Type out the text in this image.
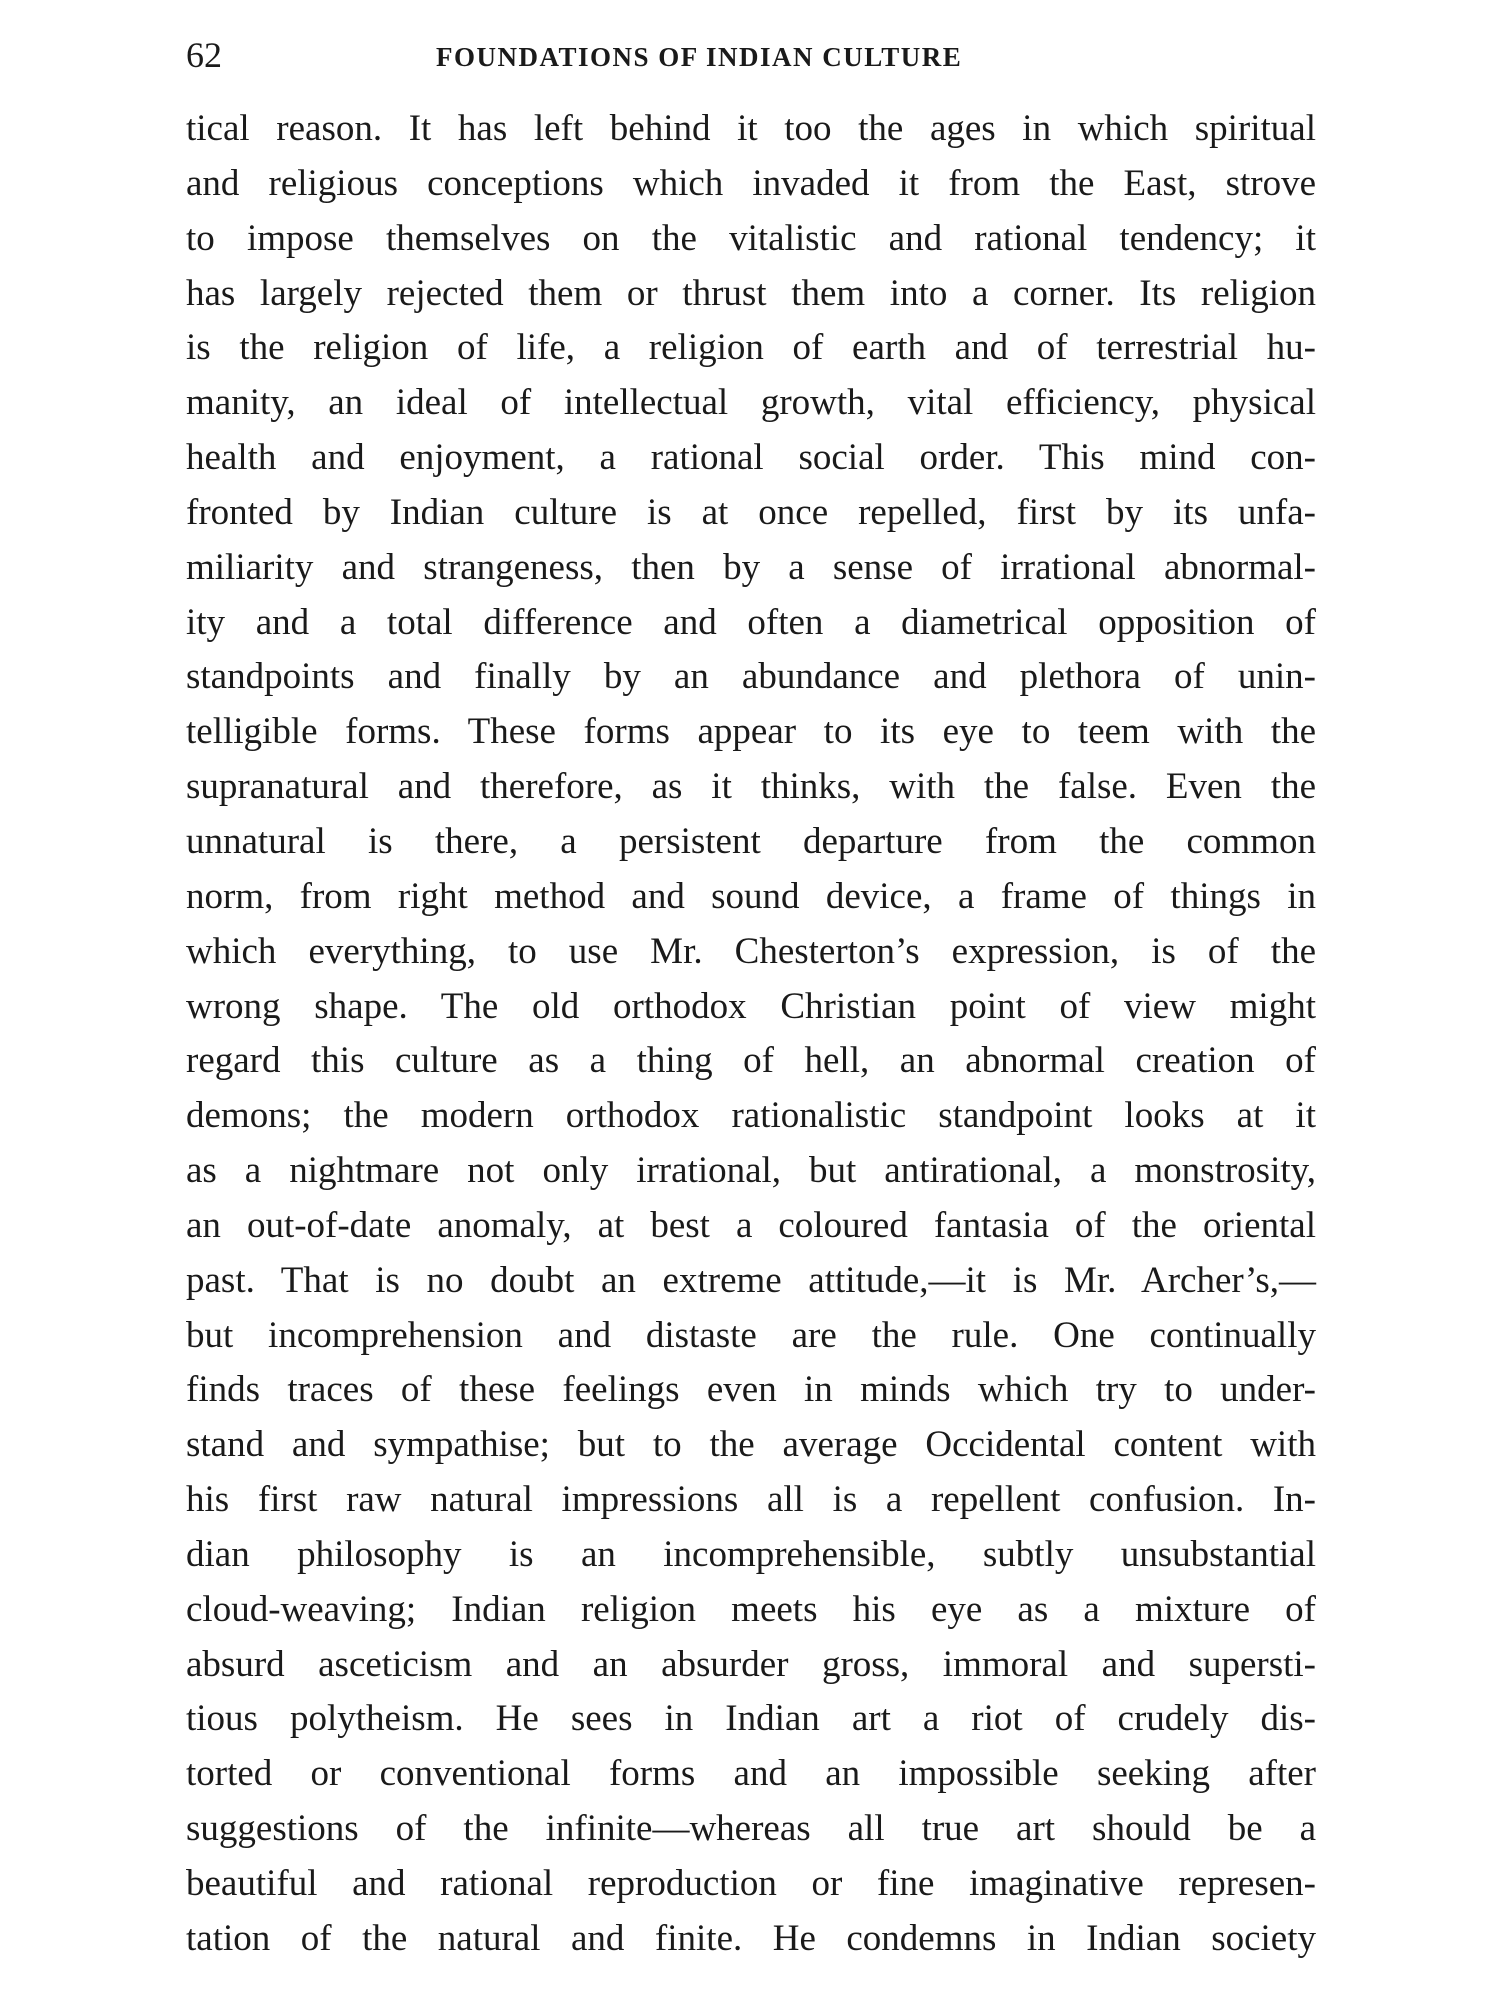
62	FOUNDATIONS OF INDIAN CULTURE
tical reason. It has left behind it too the ages in which spiritual
and religious conceptions which invaded it from the East, strove
to impose themselves on the vitalistic and rational tendency; it
has largely rejected them or thrust them into a corner. Its religion
is the religion of life, a religion of earth and of terrestrial hu-
manity, an ideal of intellectual growth, vital efficiency, physical
health and enjoyment, a rational social order. This mind con-
fronted by Indian culture is at once repelled, first by its unfa-
miliarity and strangeness, then by a sense of irrational abnormal-
ity and a total difference and often a diametrical opposition of
standpoints and finally by an abundance and plethora of unin-
telligible forms. These forms appear to its eye to teem with the
supranatural and therefore, as it thinks, with the false. Even the
unnatural is there, a persistent departure from the common
norm, from right method and sound device, a frame of things in
which everything, to use Mr. Chesterton’s expression, is of the
wrong shape. The old orthodox Christian point of view might
regard this culture as a thing of hell, an abnormal creation of
demons; the modern orthodox rationalistic standpoint looks at it
as a nightmare not only irrational, but antirational, a monstrosity,
an out-of-date anomaly, at best a coloured fantasia of the oriental
past. That is no doubt an extreme attitude,—it is Mr. Archer’s,—
but incomprehension and distaste are the rule. One continually
finds traces of these feelings even in minds which try to under-
stand and sympathise; but to the average Occidental content with
his first raw natural impressions all is a repellent confusion. In-
dian philosophy is an incomprehensible, subtly unsubstantial
cloud-weaving; Indian religion meets his eye as a mixture of
absurd asceticism and an absurder gross, immoral and supersti-
tious polytheism. He sees in Indian art a riot of crudely dis-
torted or conventional forms and an impossible seeking after
suggestions of the infinite—whereas all true art should be a
beautiful and rational reproduction or fine imaginative represen-
tation of the natural and finite. He condemns in Indian society
